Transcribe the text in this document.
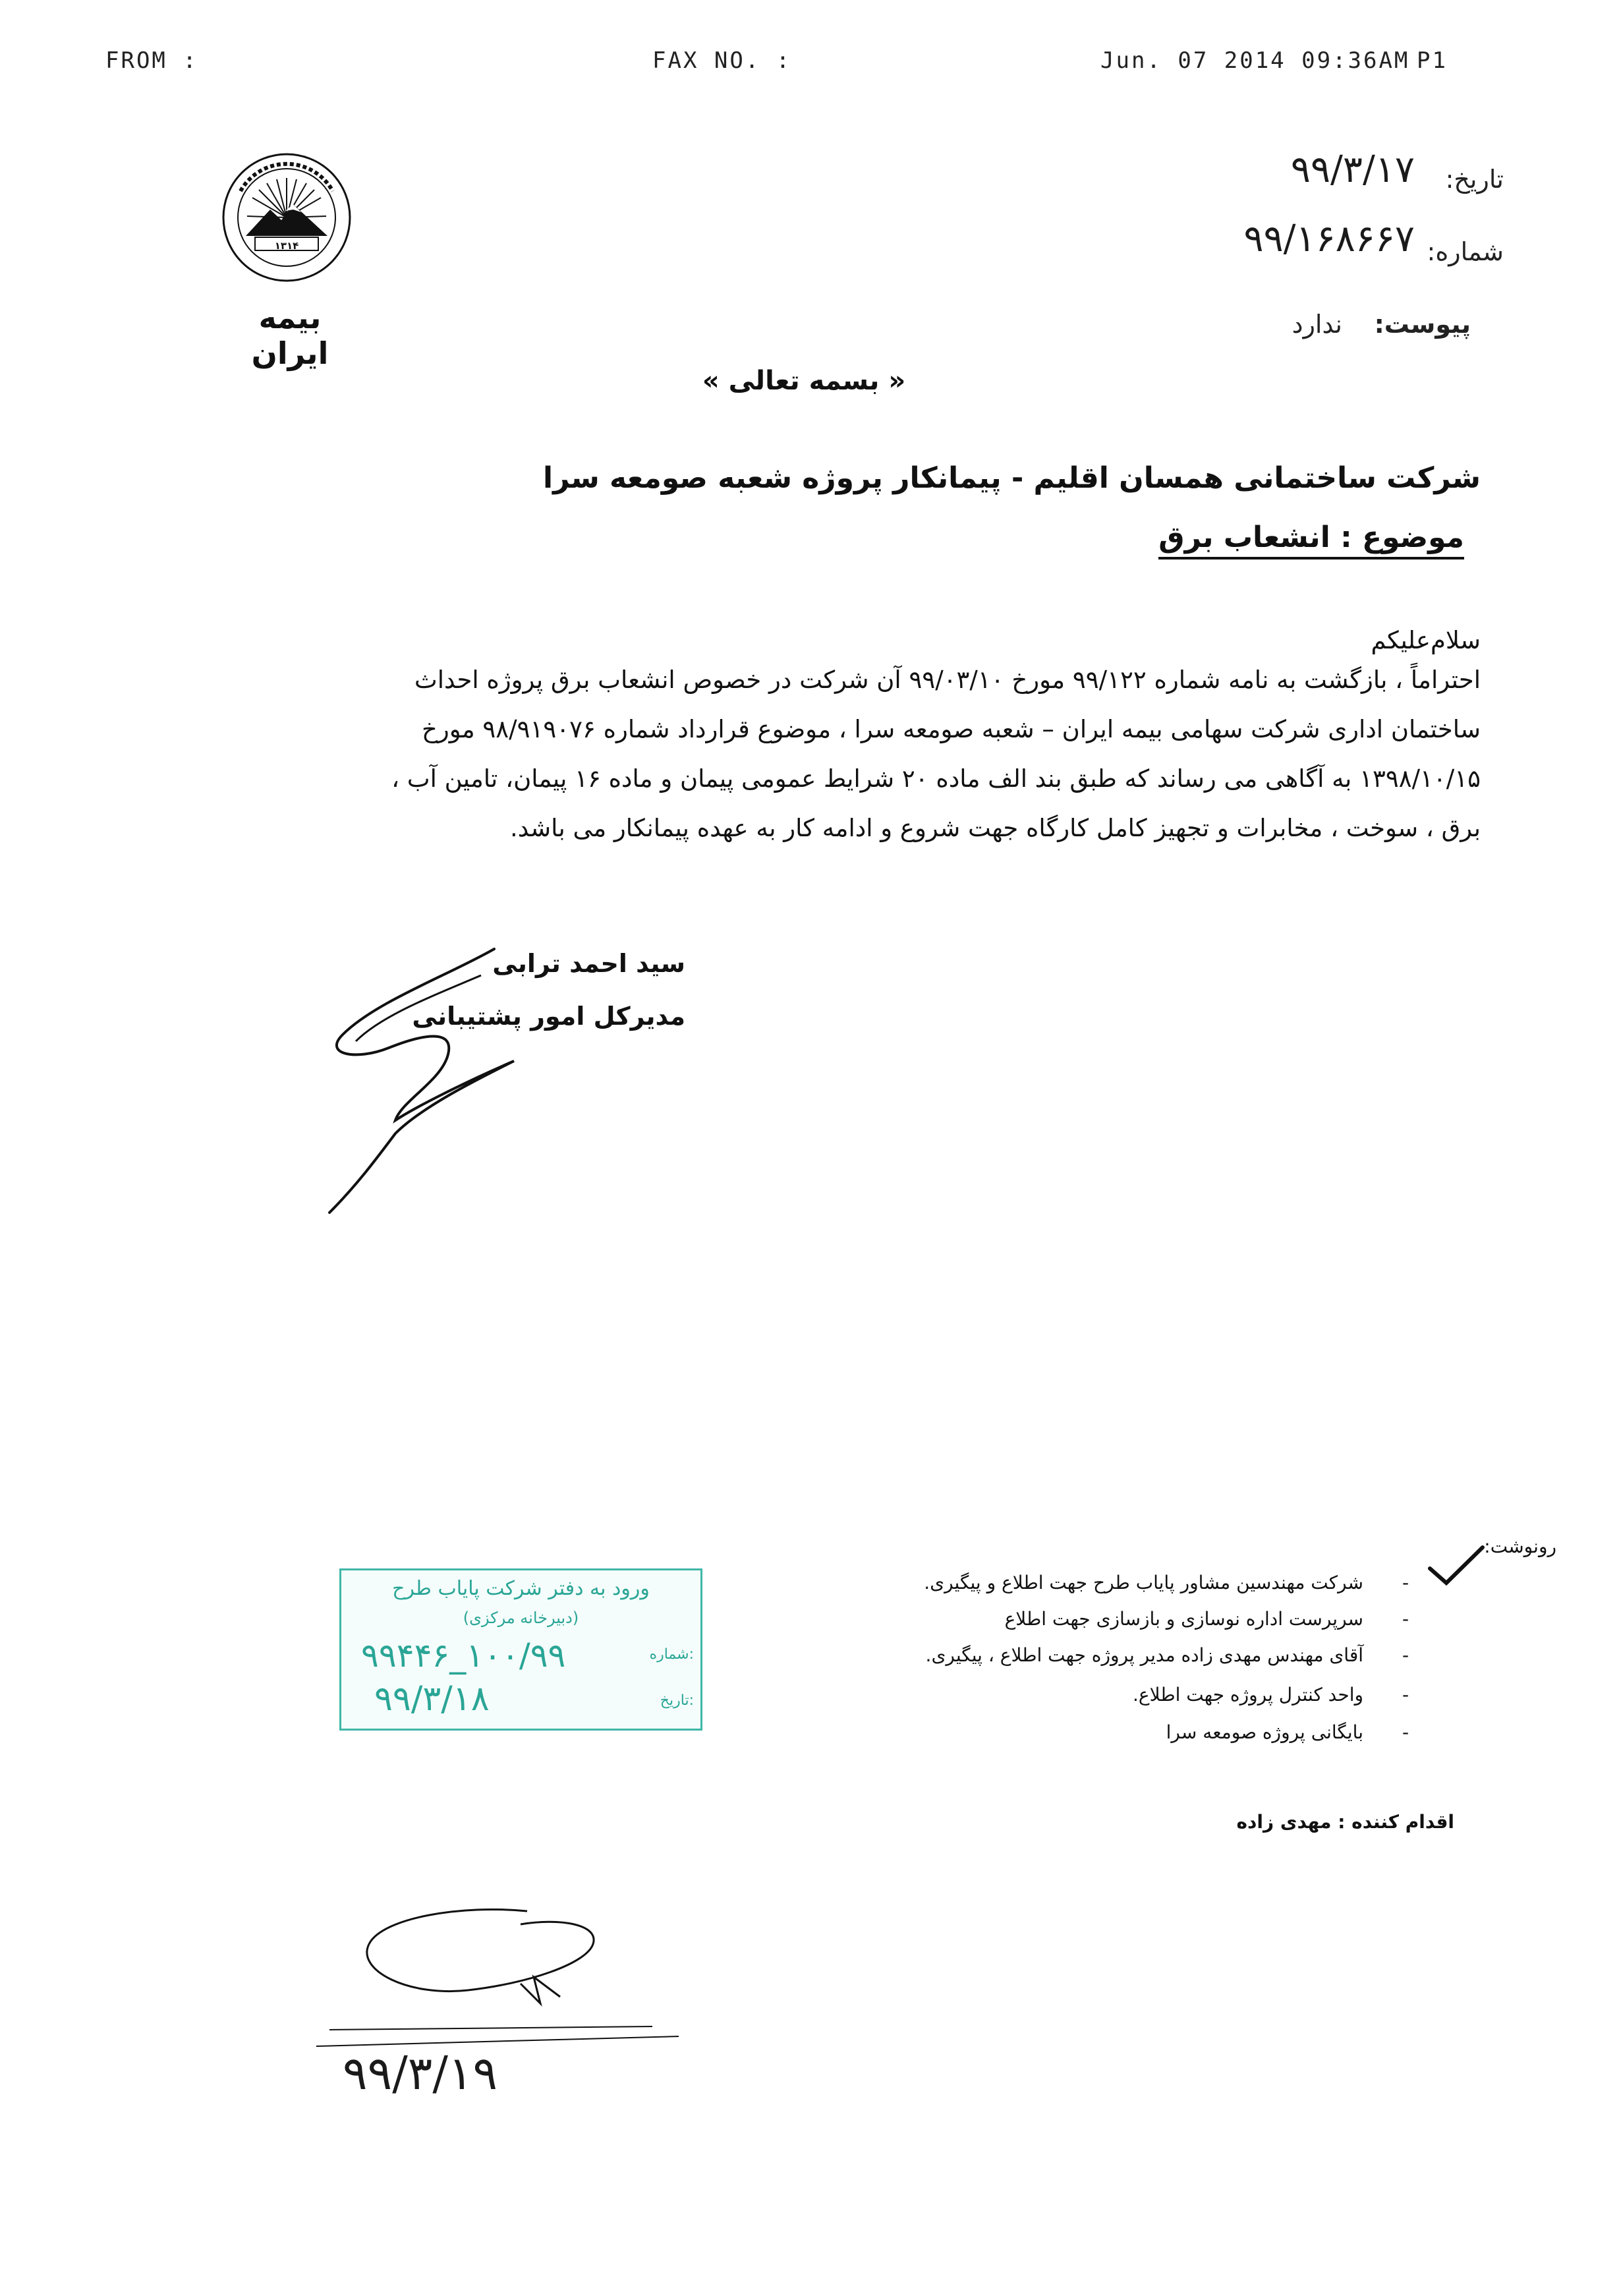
FROM :	FAX NO. :	Jun. 07 2014 09:36AM P1
۱۳۱۴
بیمه ایران
تاریخ:
۹۹/۳/۱۷
شماره:
۹۹/۱۶۸۶۶۷
پیوست:
ندارد
« بسمه تعالی »
شرکت ساختمانی همسان اقلیم - پیمانکار پروژه شعبه صومعه سرا
موضوع : انشعاب برق
سلام‌علیکم
احتراماً ، بازگشت به نامه شماره ۹۹/۱۲۲ مورخ ۹۹/۰۳/۱۰ آن شرکت در خصوص انشعاب برق پروژه احداث
ساختمان اداری شرکت سهامی بیمه ایران – شعبه صومعه سرا ، موضوع قرارداد شماره ۹۸/۹۱۹۰۷۶ مورخ
۱۳۹۸/۱۰/۱۵ به آگاهی می رساند که طبق بند الف ماده ۲۰ شرایط عمومی پیمان و ماده ۱۶ پیمان، تامین آب ،
برق ، سوخت ، مخابرات و تجهیز کامل کارگاه جهت شروع و ادامه کار به عهده پیمانکار می باشد.
سید احمد ترابی
مدیرکل امور پشتیبانی
رونوشت:
-
شرکت مهندسین مشاور پایاب طرح جهت اطلاع و پیگیری.
-
سرپرست اداره نوسازی و بازسازی جهت اطلاع
-
آقای مهندس مهدی زاده مدیر پروژه جهت اطلاع ، پیگیری.
-
واحد کنترل پروژه جهت اطلاع.
-
بایگانی پروژه صومعه سرا
اقدام کننده : مهدی زاده
ورود به دفتر شرکت پایاب طرح
(دبیرخانه مرکزی)
شماره:
۱۰۰/۹۹_۹۹۴۴۶
تاریخ:
۹۹/۳/۱۸
۹۹/۳/۱۹
